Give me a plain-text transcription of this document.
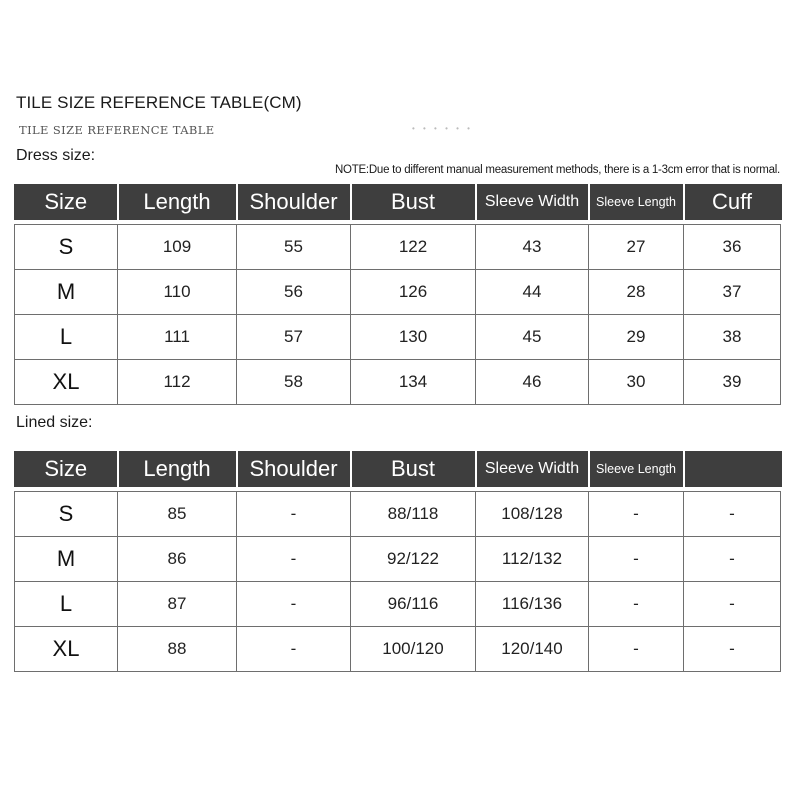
TILE SIZE REFERENCE TABLE(CM)
TILE SIZE REFERENCE TABLE	• • • • • •
Dress size:
NOTE:Due to different manual measurement methods, there is a 1-3cm error that is normal.
Size	Length	Shoulder	Bust	Sleeve Width	Sleeve Length	Cuff

S	109	55	122	43	27	36
M	110	56	126	44	28	37
L	111	57	130	45	29	38
XL	112	58	134	46	30	39
Lined size:
Size	Length	Shoulder	Bust	Sleeve Width	Sleeve Length	

S	85	-	88/118	108/128	-	-
M	86	-	92/122	112/132	-	-
L	87	-	96/116	116/136	-	-
XL	88	-	100/120	120/140	-	-
